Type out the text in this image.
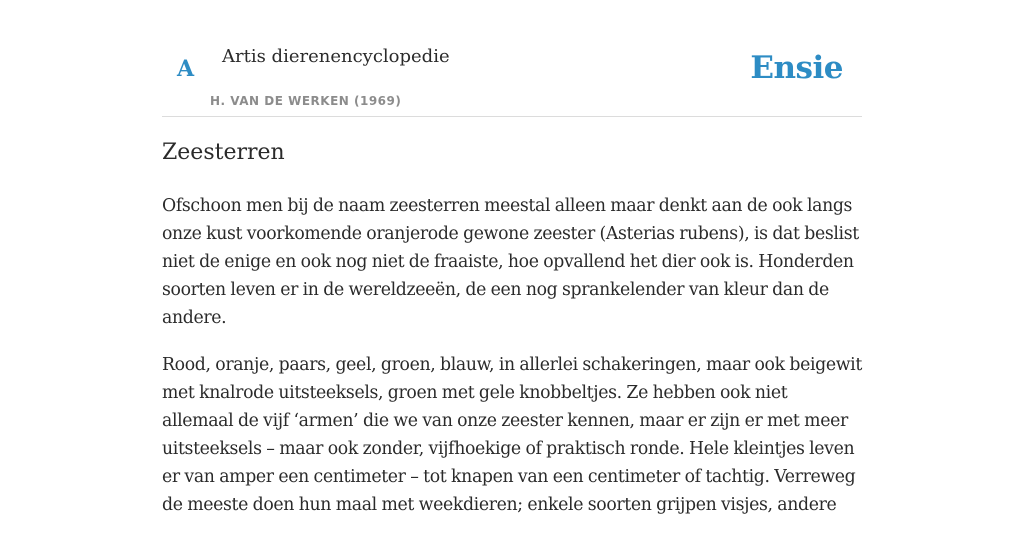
A Artis dierenencyclopedie
H. VAN DE WERKEN (1969)
Ensie
Zeesterren

Ofschoon men bij de naam zeesterren meestal alleen maar denkt aan de ook langs onze kust voorkomende oranjerode gewone zeester (Asterias rubens), is dat beslist niet de enige en ook nog niet de fraaiste, hoe opvallend het dier ook is. Honderden soorten leven er in de wereldzeeën, de een nog sprankelender van kleur dan de andere.

Rood, oranje, paars, geel, groen, blauw, in allerlei schakeringen, maar ook beigewit met knalrode uitsteeksels, groen met gele knobbeltjes. Ze hebben ook niet allemaal de vijf ‘armen’ die we van onze zeester kennen, maar er zijn er met meer uitsteeksels – maar ook zonder, vijfhoekige of praktisch ronde. Hele kleintjes leven er van amper een centimeter – tot knapen van een centimeter of tachtig. Verreweg de meeste doen hun maal met weekdieren; enkele soorten grijpen visjes, andere
